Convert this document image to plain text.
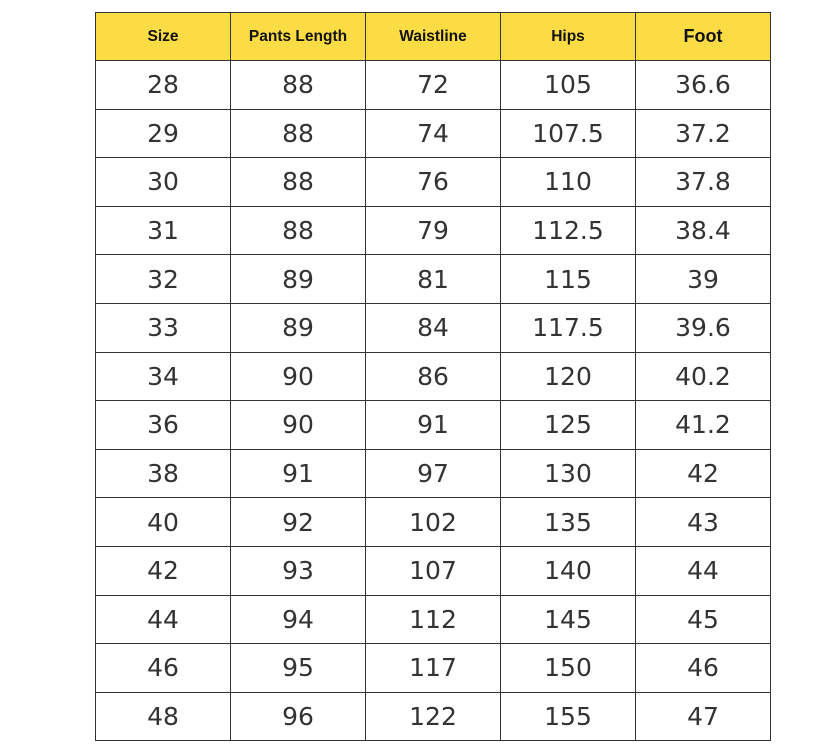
Size	Pants Length	Waistline	Hips	Foot
28	88	72	105	36.6
29	88	74	107.5	37.2
30	88	76	110	37.8
31	88	79	112.5	38.4
32	89	81	115	39
33	89	84	117.5	39.6
34	90	86	120	40.2
36	90	91	125	41.2
38	91	97	130	42
40	92	102	135	43
42	93	107	140	44
44	94	112	145	45
46	95	117	150	46
48	96	122	155	47
